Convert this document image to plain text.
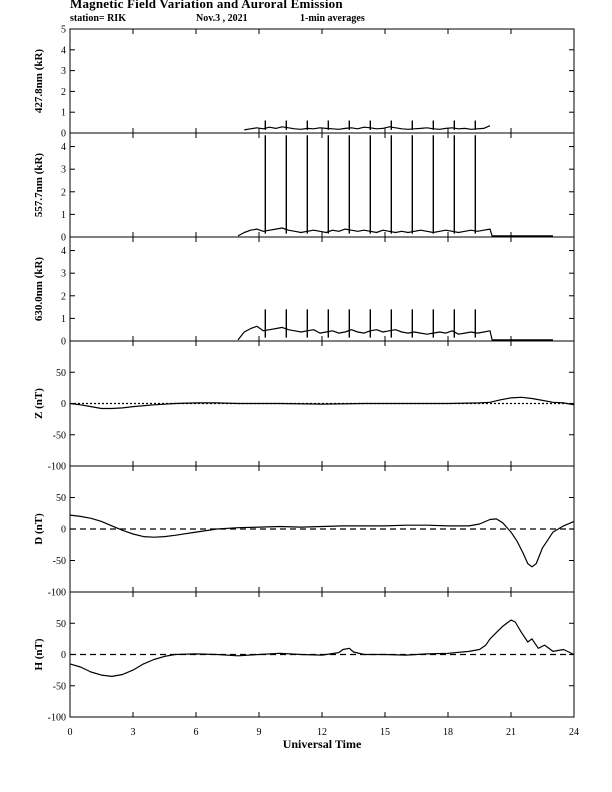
Magnetic Field Variation and Auroral Emission
station= RIK	Nov.3 , 2021	1-min averages
0
1
2
3
4
5
427.8nm (kR)
0
1
2
3
4
557.7nm (kR)
0
1
2
3
4
630.0nm (kR)
-100
-50
0
50
Z (nT)
-100
-50
0
50
D (nT)
-100
-50
0
50
H (nT)
0	3	6	9	12	15	18	21	24
Universal Time
